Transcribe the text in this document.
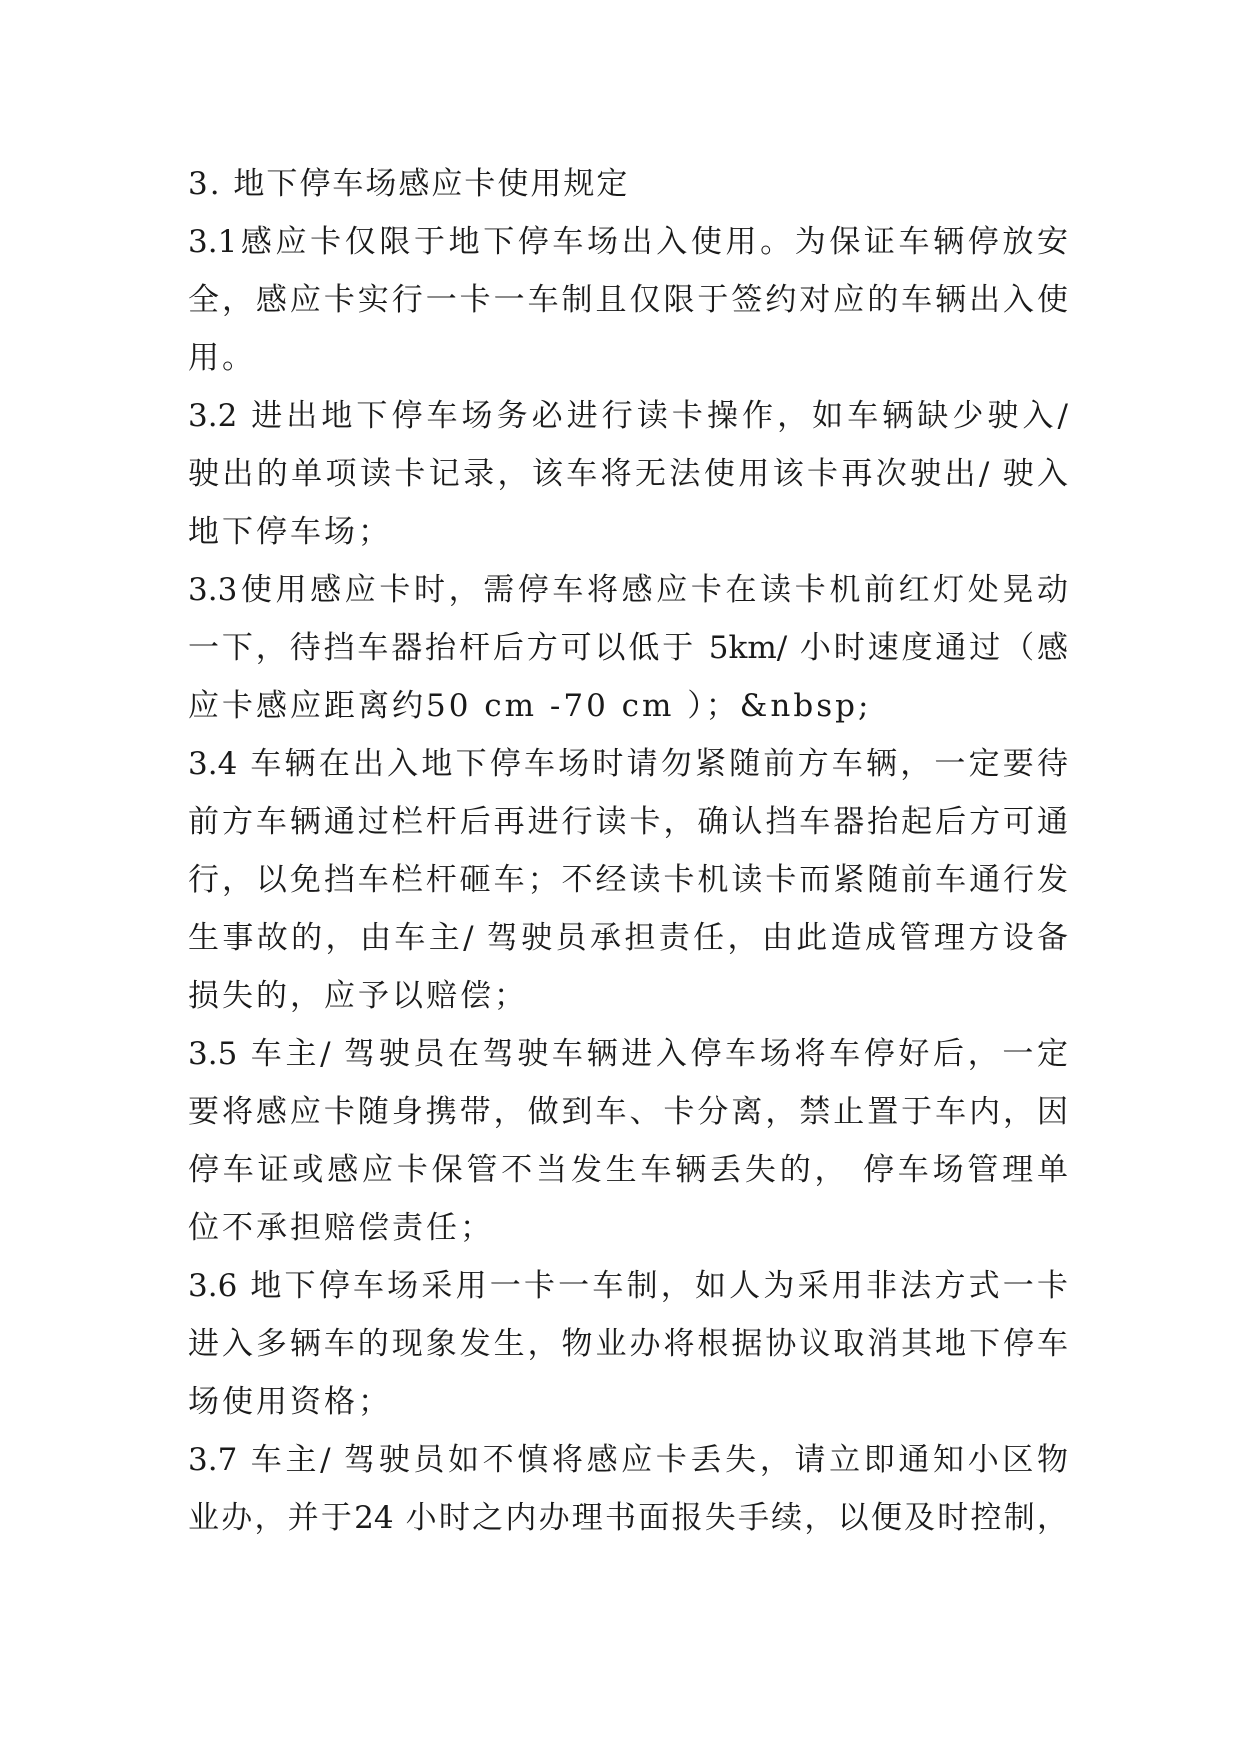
3. 地下停车场感应卡使用规定
3.1感应卡仅限于地下停车场出入使用。为保证车辆停放安
全，感应卡实行一卡一车制且仅限于签约对应的车辆出入使
用。
3.2 进出地下停车场务必进行读卡操作，如车辆缺少驶入/
驶出的单项读卡记录，该车将无法使用该卡再次驶出/ 驶入
地下停车场；
3.3使用感应卡时，需停车将感应卡在读卡机前红灯处晃动
一下，待挡车器抬杆后方可以低于 5km/ 小时速度通过（感
应卡感应距离约50 cm -70 cm ）；&nbsp;
3.4 车辆在出入地下停车场时请勿紧随前方车辆，一定要待
前方车辆通过栏杆后再进行读卡，确认挡车器抬起后方可通
行，以免挡车栏杆砸车；不经读卡机读卡而紧随前车通行发
生事故的，由车主/ 驾驶员承担责任，由此造成管理方设备
损失的，应予以赔偿；
3.5 车主/ 驾驶员在驾驶车辆进入停车场将车停好后，一定
要将感应卡随身携带，做到车、卡分离，禁止置于车内，因
停车证或感应卡保管不当发生车辆丢失的， 停车场管理单
位不承担赔偿责任；
3.6 地下停车场采用一卡一车制，如人为采用非法方式一卡
进入多辆车的现象发生，物业办将根据协议取消其地下停车
场使用资格；
3.7 车主/ 驾驶员如不慎将感应卡丢失，请立即通知小区物
业办，并于24 小时之内办理书面报失手续，以便及时控制，
